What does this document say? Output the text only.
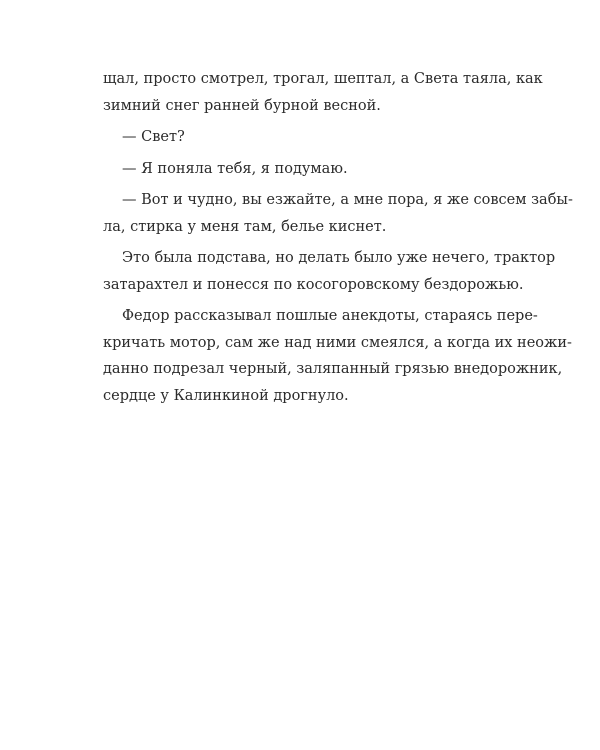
щал, просто смотрел, трогал, шептал, а Света таяла, как
зимний снег ранней бурной весной.
— Свет?
— Я поняла тебя, я подумаю.
— Вот и чудно, вы езжайте, а мне пора, я же совсем забы-
ла, стирка у меня там, белье киснет.
Это была подстава, но делать было уже нечего, трактор
затарахтел и понесся по косогоровскому бездорожью.
Федор рассказывал пошлые анекдоты, стараясь пере-
кричать мотор, сам же над ними смеялся, а когда их неожи-
данно подрезал черный, заляпанный грязью внедорожник,
сердце у Калинкиной дрогнуло.
